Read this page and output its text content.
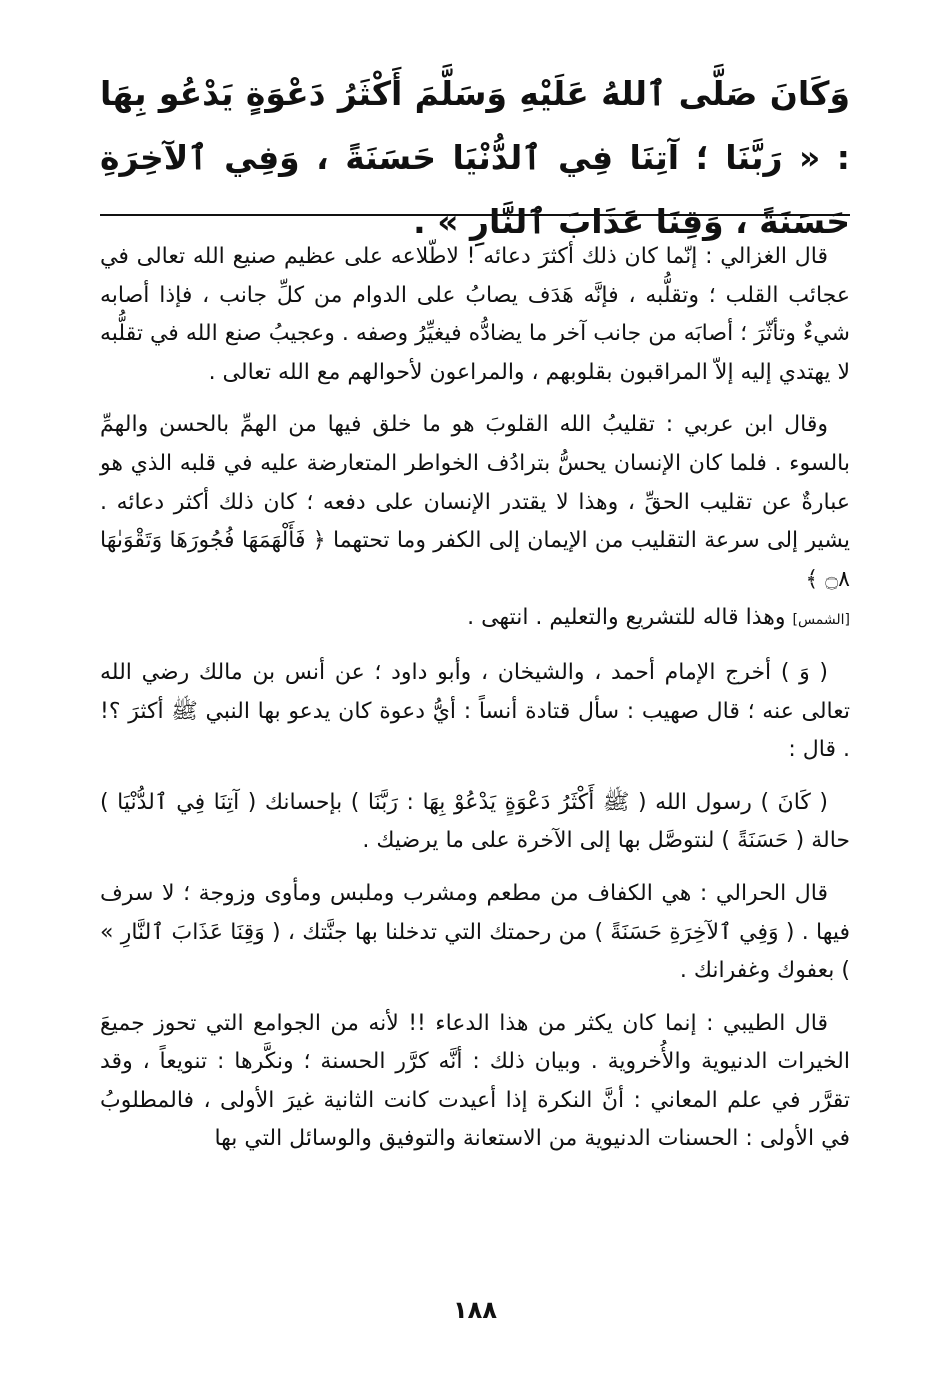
وَكَانَ صَلَّى ٱللهُ عَلَيْهِ وَسَلَّمَ أَكْثَرُ دَعْوَةٍ يَدْعُو بِهَا : « رَبَّنَا ؛ آتِنَا فِي ٱلدُّنْيَا حَسَنَةً ، وَفِي ٱلآخِرَةِ حَسَنَةً ، وَقِنَا عَذَابَ ٱلنَّارِ » .

قال الغزالي : إنّما كان ذلك أكثرَ دعائه ! لاطّلاعه على عظيم صنيع الله تعالى في عجائب القلب ؛ وتقلُّبه ، فإنَّه هَدَف يصابُ على الدوام من كلِّ جانب ، فإذا أصابه شيءٌ وتأثّرَ ؛ أصابَه من جانب آخر ما يضادُّه فيغيِّرُ وصفه . وعجيبُ صنع الله في تقلُّبه لا يهتدي إليه إلاّ المراقبون بقلوبهم ، والمراعون لأحوالهم مع الله تعالى .

وقال ابن عربي : تقليبُ الله القلوبَ هو ما خلق فيها من الهمِّ بالحسن والهمِّ بالسوء . فلما كان الإنسان يحسُّ بترادُف الخواطر المتعارضة عليه في قلبه الذي هو عبارةٌ عن تقليب الحقِّ ، وهذا لا يقتدر الإنسان على دفعه ؛ كان ذلك أكثر دعائه . يشير إلى سرعة التقليب من الإيمان إلى الكفر وما تحتهما ﴿ فَأَلْهَمَهَا فُجُورَهَا وَتَقْوَىٰهَا ۝٨ ﴾
[الشمس] وهذا قاله للتشريع والتعليم . انتهى .

( وَ ) أخرج الإمام أحمد ، والشيخان ، وأبو داود ؛ عن أنس بن مالك رضي الله تعالى عنه ؛ قال صهيب : سأل قتادة أنساً : أيُّ دعوة كان يدعو بها النبي ﷺ أكثرَ ؟! . قال :

( كَانَ ) رسول الله ( ﷺ أَكْثَرُ دَعْوَةٍ يَدْعُوْ بِهَا : رَبَّنَا ) بإحسانك ( آتِنَا فِي ٱلدُّنْيَا ) حالة ( حَسَنَةً ) لنتوصَّل بها إلى الآخرة على ما يرضيك .

قال الحرالي : هي الكفاف من مطعم ومشرب وملبس ومأوى وزوجة ؛ لا سرف فيها . ( وَفِي ٱلآخِرَةِ حَسَنَةً ) من رحمتك التي تدخلنا بها جنَّتك ، ( وَقِنَا عَذَابَ ٱلنَّارِ » ) بعفوك وغفرانك .

قال الطيبي : إنما كان يكثر من هذا الدعاء !! لأنه من الجوامع التي تحوز جميعَ الخيرات الدنيوية والأُخروية . وبيان ذلك : أنَّه كرَّر الحسنة ؛ ونكَّرها : تنويعاً ، وقد تقرَّر في علم المعاني : أنَّ النكرة إذا أعيدت كانت الثانية غيرَ الأولى ، فالمطلوبُ في الأولى : الحسنات الدنيوية من الاستعانة والتوفيق والوسائل التي بها

١٨٨
